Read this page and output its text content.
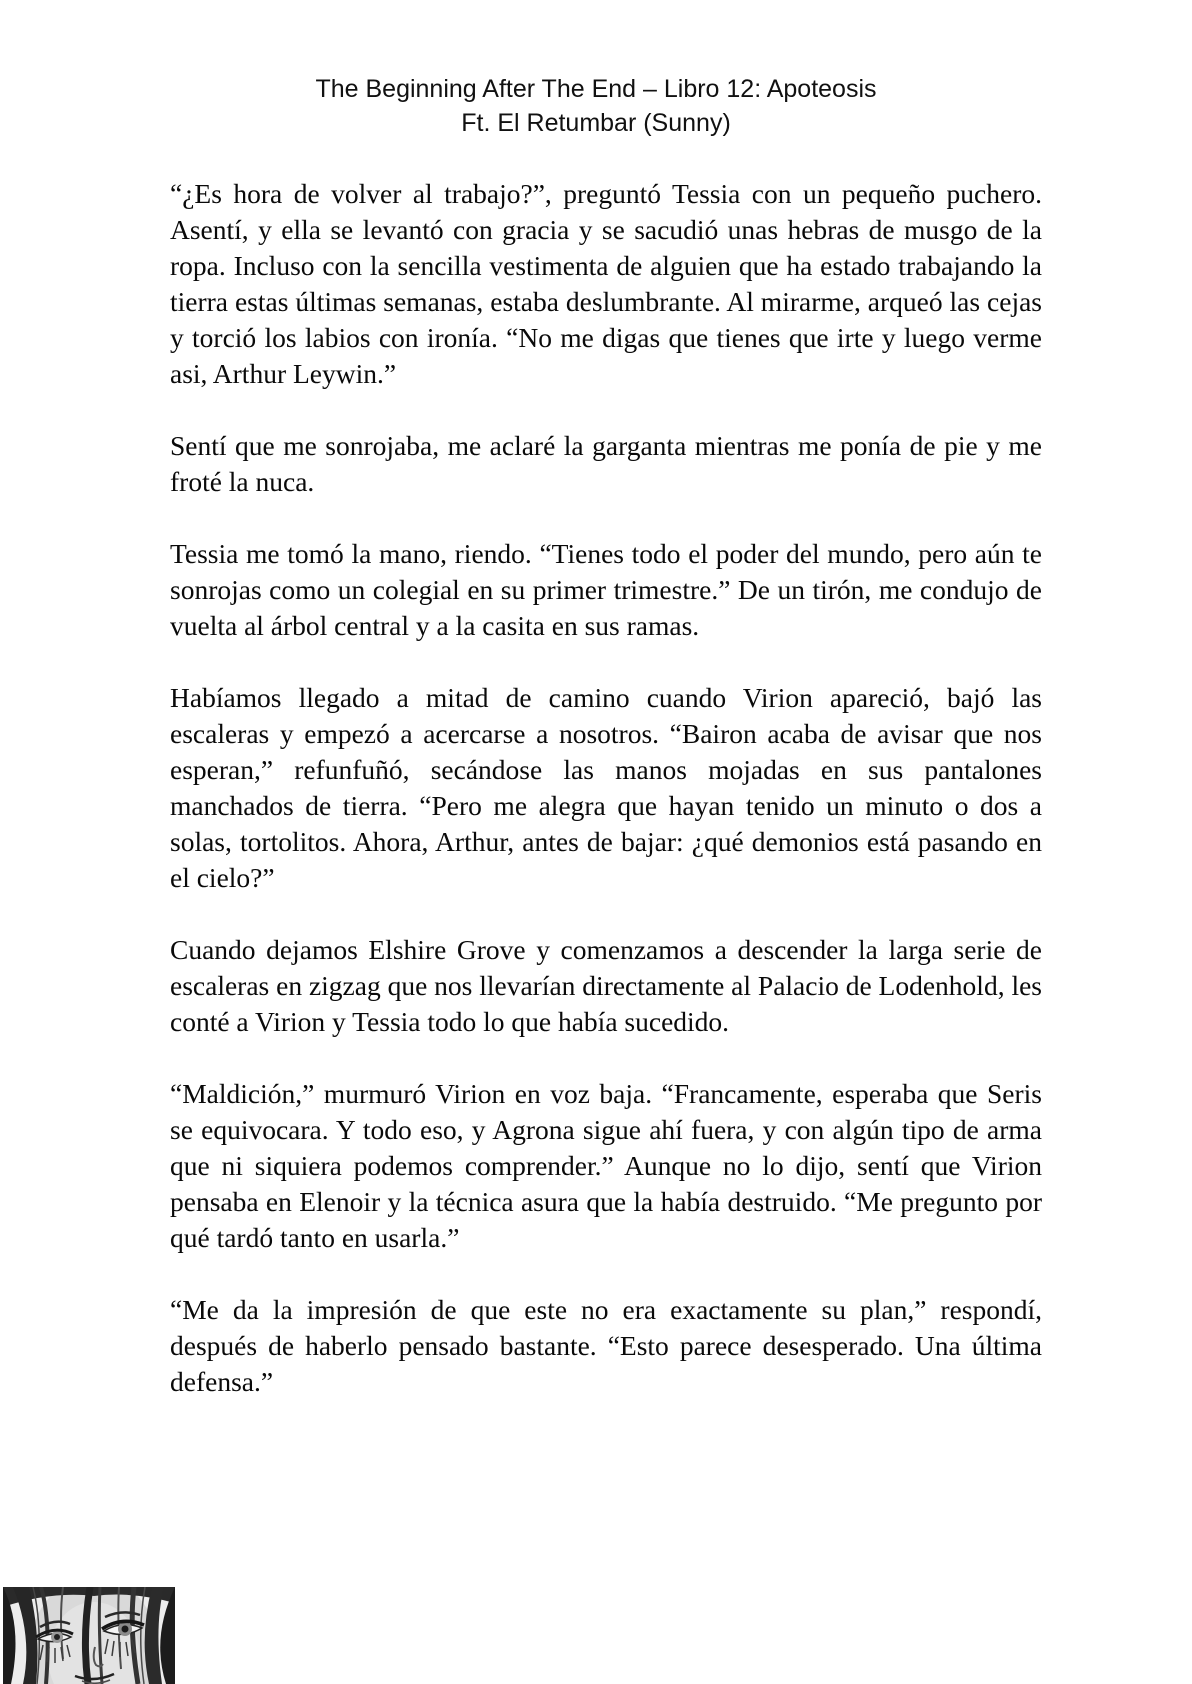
The Beginning After The End – Libro 12: Apoteosis
Ft. El Retumbar (Sunny)

“¿Es hora de volver al trabajo?”, preguntó Tessia con un pequeño puchero. Asentí, y ella se levantó con gracia y se sacudió unas hebras de musgo de la ropa. Incluso con la sencilla vestimenta de alguien que ha estado trabajando la tierra estas últimas semanas, estaba deslumbrante. Al mirarme, arqueó las cejas y torció los labios con ironía. “No me digas que tienes que irte y luego verme asi, Arthur Leywin.”

Sentí que me sonrojaba, me aclaré la garganta mientras me ponía de pie y me froté la nuca.

Tessia me tomó la mano, riendo. “Tienes todo el poder del mundo, pero aún te sonrojas como un colegial en su primer trimestre.” De un tirón, me condujo de vuelta al árbol central y a la casita en sus ramas.

Habíamos llegado a mitad de camino cuando Virion apareció, bajó las escaleras y empezó a acercarse a nosotros. “Bairon acaba de avisar que nos esperan,” refunfuñó, secándose las manos mojadas en sus pantalones manchados de tierra. “Pero me alegra que hayan tenido un minuto o dos a solas, tortolitos. Ahora, Arthur, antes de bajar: ¿qué demonios está pasando en el cielo?”

Cuando dejamos Elshire Grove y comenzamos a descender la larga serie de escaleras en zigzag que nos llevarían directamente al Palacio de Lodenhold, les conté a Virion y Tessia todo lo que había sucedido.

“Maldición,” murmuró Virion en voz baja. “Francamente, esperaba que Seris se equivocara. Y todo eso, y Agrona sigue ahí fuera, y con algún tipo de arma que ni siquiera podemos comprender.” Aunque no lo dijo, sentí que Virion pensaba en Elenoir y la técnica asura que la había destruido. “Me pregunto por qué tardó tanto en usarla.”

“Me da la impresión de que este no era exactamente su plan,” respondí, después de haberlo pensado bastante. “Esto parece desesperado. Una última defensa.”
